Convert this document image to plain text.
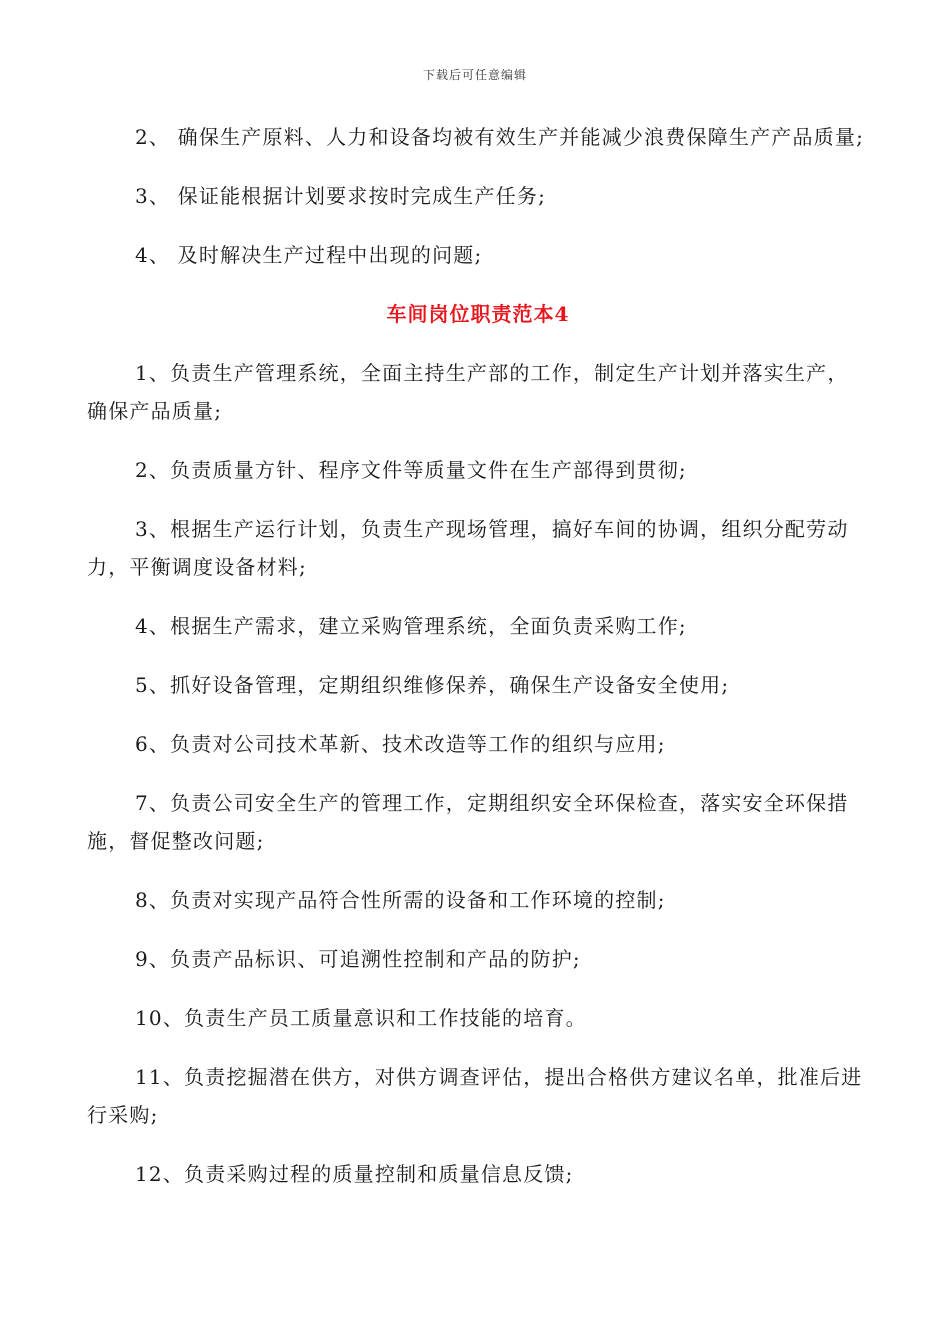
下载后可任意编辑

2、 确保生产原料、人力和设备均被有效生产并能减少浪费保障生产产品质量;

3、 保证能根据计划要求按时完成生产任务;

4、 及时解决生产过程中出现的问题;

车间岗位职责范本4

1、负责生产管理系统，全面主持生产部的工作，制定生产计划并落实生产，确保产品质量;

2、负责质量方针、程序文件等质量文件在生产部得到贯彻;

3、根据生产运行计划，负责生产现场管理，搞好车间的协调，组织分配劳动力，平衡调度设备材料;

4、根据生产需求，建立采购管理系统，全面负责采购工作;

5、抓好设备管理，定期组织维修保养，确保生产设备安全使用;

6、负责对公司技术革新、技术改造等工作的组织与应用;

7、负责公司安全生产的管理工作，定期组织安全环保检查，落实安全环保措施，督促整改问题;

8、负责对实现产品符合性所需的设备和工作环境的控制;

9、负责产品标识、可追溯性控制和产品的防护;

10、负责生产员工质量意识和工作技能的培育。

11、负责挖掘潜在供方，对供方调查评估，提出合格供方建议名单，批准后进行采购;

12、负责采购过程的质量控制和质量信息反馈;
